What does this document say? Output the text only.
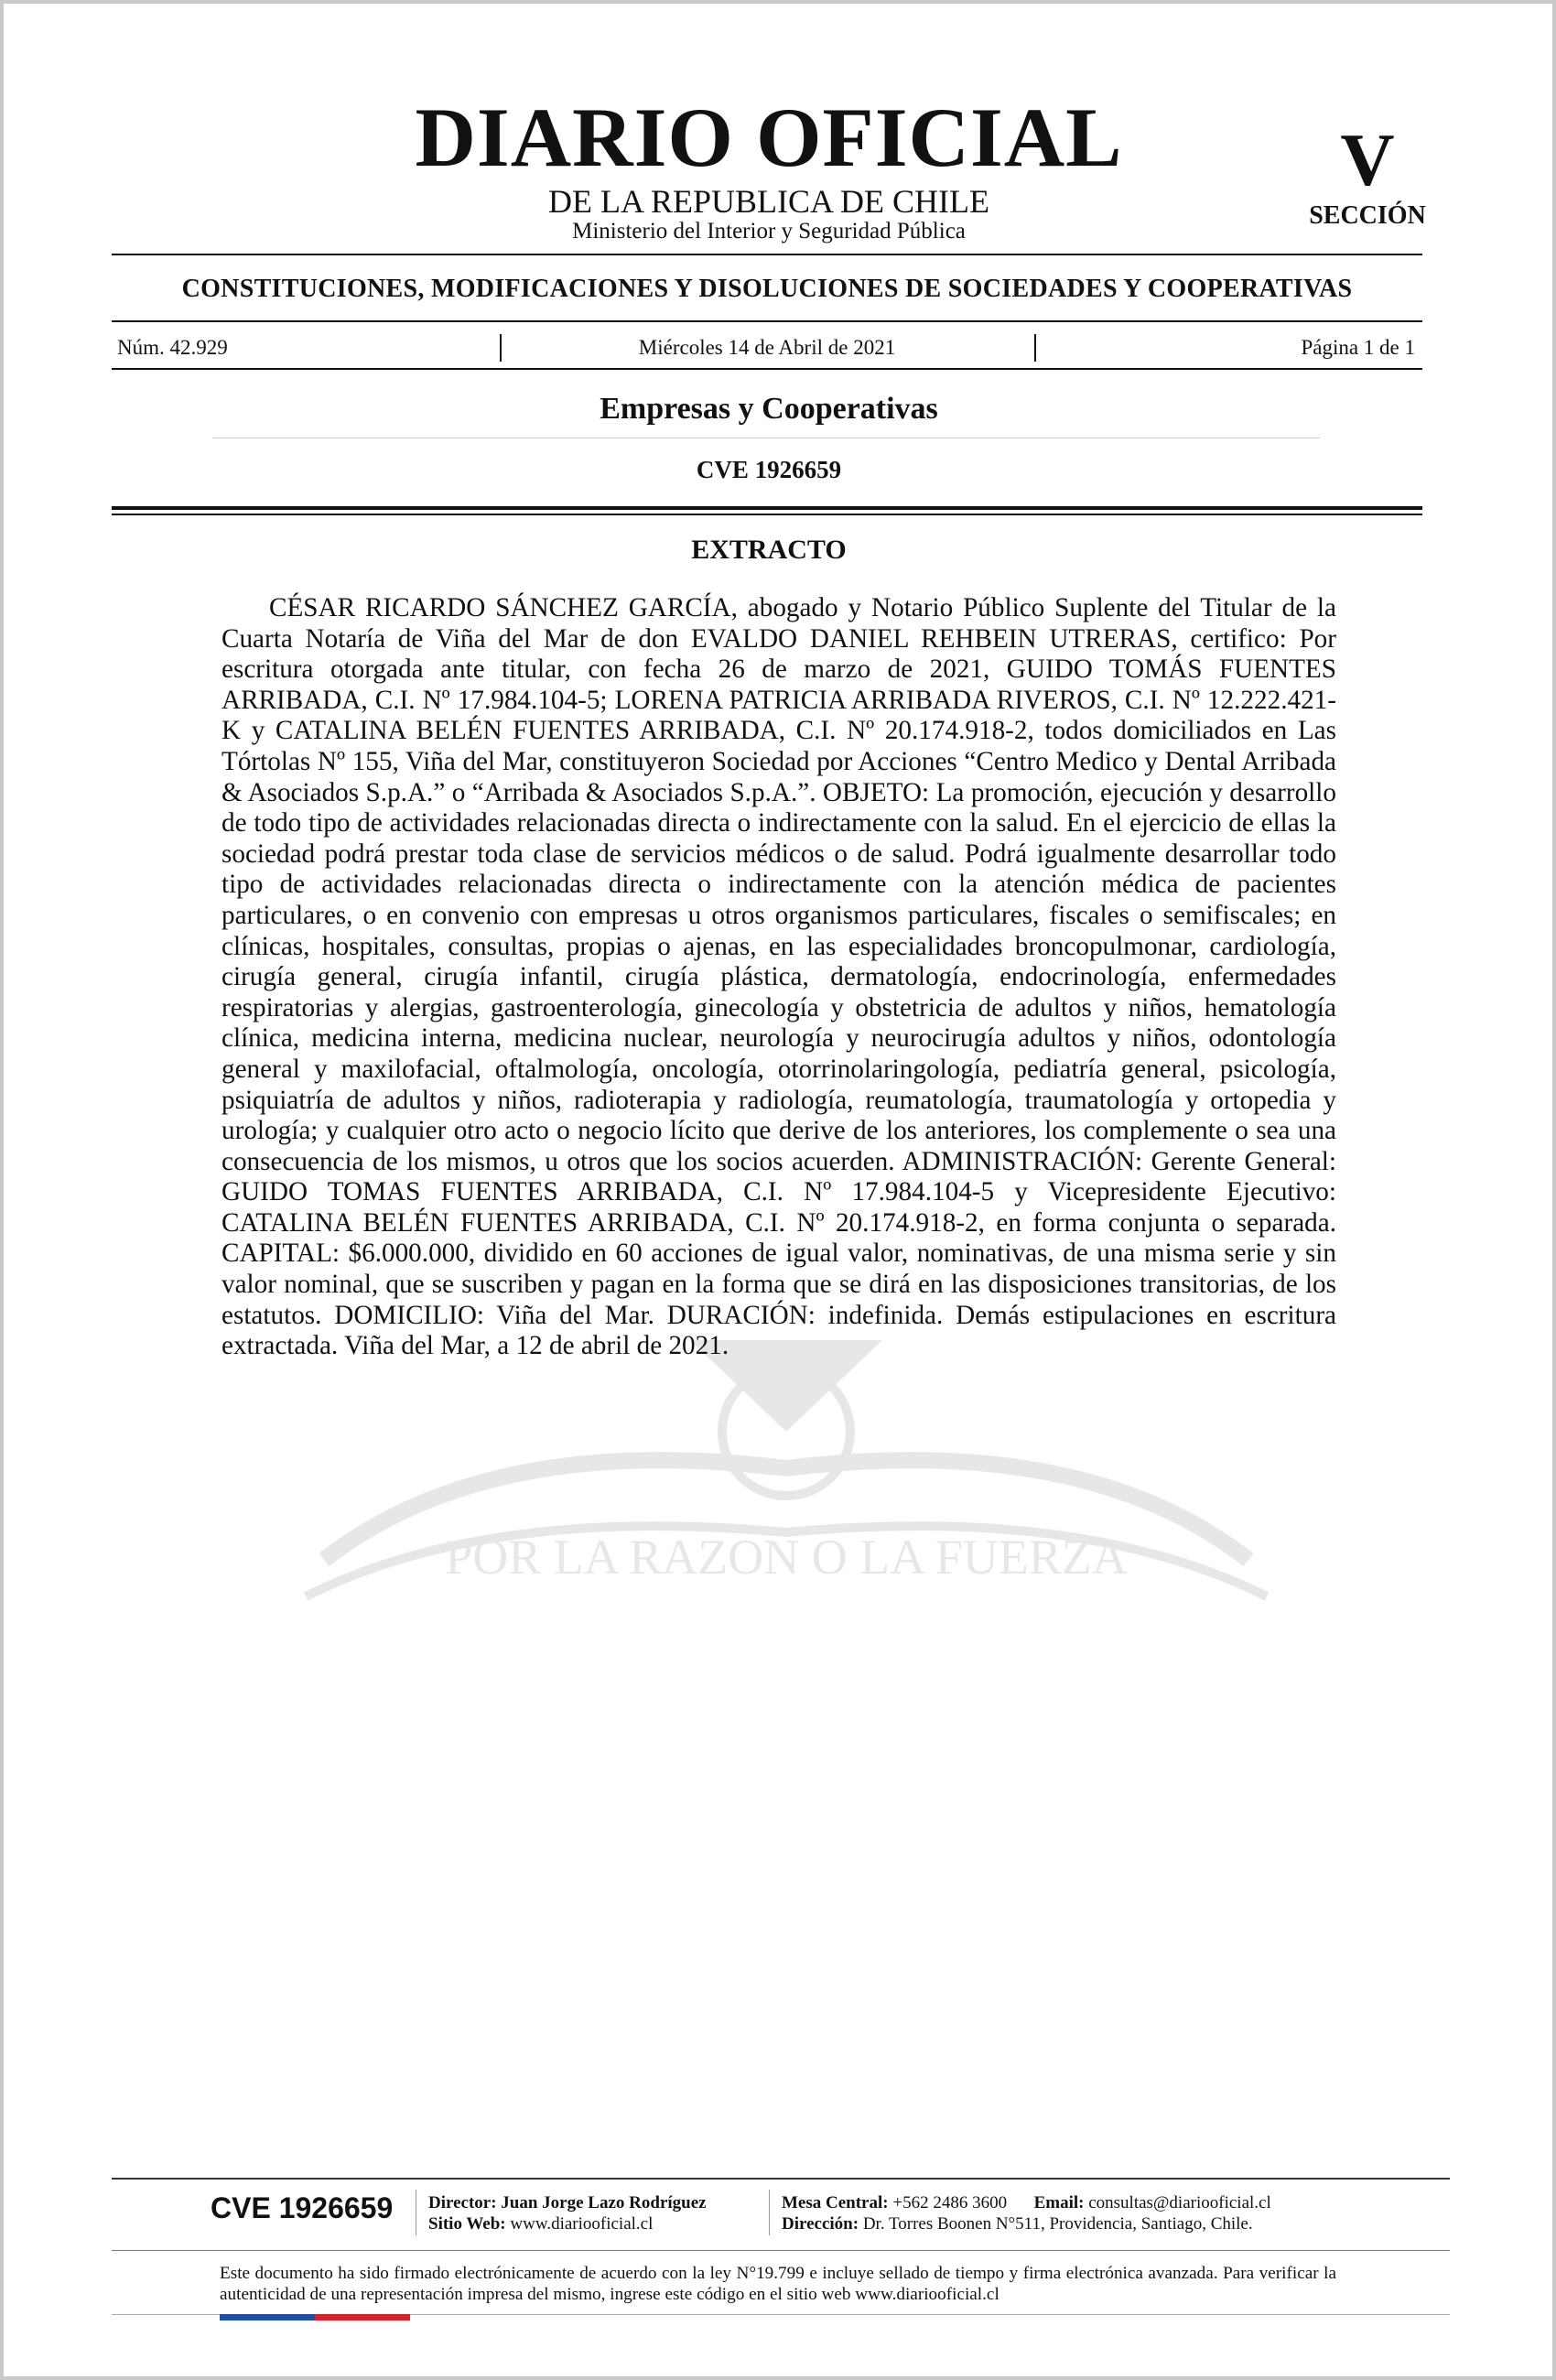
POR LA RAZON O LA FUERZA
DIARIO OFICIAL
DE LA REPUBLICA DE CHILE
Ministerio del Interior y Seguridad Pública
V
SECCIÓN
CONSTITUCIONES, MODIFICACIONES Y DISOLUCIONES DE SOCIEDADES Y COOPERATIVAS
Núm. 42.929	Miércoles 14 de Abril de 2021	Página 1 de 1
Empresas y Cooperativas
CVE 1926659
EXTRACTO

CÉSAR RICARDO SÁNCHEZ GARCÍA, abogado y Notario Público Suplente del Titular de la Cuarta Notaría de Viña del Mar de don EVALDO DANIEL REHBEIN UTRERAS, certifico: Por escritura otorgada ante titular, con fecha 26 de marzo de 2021, GUIDO TOMÁS FUENTES ARRIBADA, C.I. Nº 17.984.104-5; LORENA PATRICIA ARRIBADA RIVEROS, C.I. Nº 12.222.421-K y CATALINA BELÉN FUENTES ARRIBADA, C.I. Nº 20.174.918-2, todos domiciliados en Las Tórtolas Nº 155, Viña del Mar, constituyeron Sociedad por Acciones “Centro Medico y Dental Arribada & Asociados S.p.A.” o “Arribada & Asociados S.p.A.”. OBJETO: La promoción, ejecución y desarrollo de todo tipo de actividades relacionadas directa o indirectamente con la salud. En el ejercicio de ellas la sociedad podrá prestar toda clase de servicios médicos o de salud. Podrá igualmente desarrollar todo tipo de actividades relacionadas directa o indirectamente con la atención médica de pacientes particulares, o en convenio con empresas u otros organismos particulares, fiscales o semifiscales; en clínicas, hospitales, consultas, propias o ajenas, en las especialidades broncopulmonar, cardiología, cirugía general, cirugía infantil, cirugía plástica, dermatología, endocrinología, enfermedades respiratorias y alergias, gastroenterología, ginecología y obstetricia de adultos y niños, hematología clínica, medicina interna, medicina nuclear, neurología y neurocirugía adultos y niños, odontología general y maxilofacial, oftalmología, oncología, otorrinolaringología, pediatría general, psicología, psiquiatría de adultos y niños, radioterapia y radiología, reumatología, traumatología y ortopedia y urología; y cualquier otro acto o negocio lícito que derive de los anteriores, los complemente o sea una consecuencia de los mismos, u otros que los socios acuerden. ADMINISTRACIÓN: Gerente General: GUIDO TOMAS FUENTES ARRIBADA, C.I. Nº 17.984.104-5 y Vicepresidente Ejecutivo: CATALINA BELÉN FUENTES ARRIBADA, C.I. Nº 20.174.918-2, en forma conjunta o separada. CAPITAL: $6.000.000, dividido en 60 acciones de igual valor, nominativas, de una misma serie y sin valor nominal, que se suscriben y pagan en la forma que se dirá en las disposiciones transitorias, de los estatutos. DOMICILIO: Viña del Mar. DURACIÓN: indefinida. Demás estipulaciones en escritura extractada. Viña del Mar, a 12 de abril de 2021.

CVE 1926659 Director: Juan Jorge Lazo Rodríguez
Sitio Web: www.diariooficial.cl
Mesa Central: +562 2486 3600 Email: consultas@diariooficial.cl
Dirección: Dr. Torres Boonen N°511, Providencia, Santiago, Chile.

Este documento ha sido firmado electrónicamente de acuerdo con la ley N°19.799 e incluye sellado de tiempo y firma electrónica avanzada. Para verificar la autenticidad de una representación impresa del mismo, ingrese este código en el sitio web www.diariooficial.cl
